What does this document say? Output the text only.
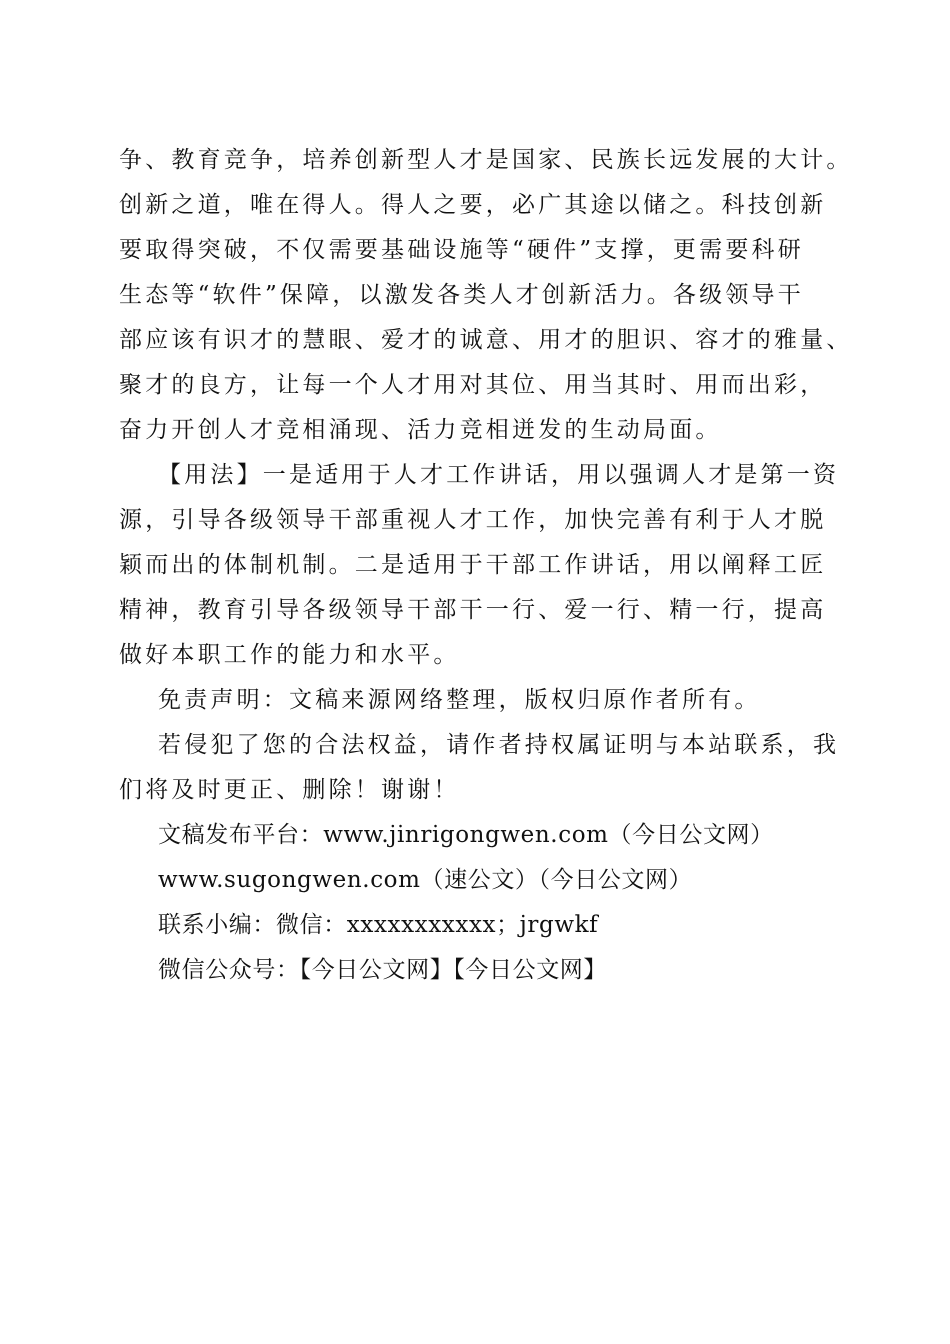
争、教育竞争，培养创新型人才是国家、民族长远发展的大计。
创新之道，唯在得人。得人之要，必广其途以储之。科技创新
要取得突破，不仅需要基础设施等“硬件”支撑，更需要科研
生态等“软件”保障，以激发各类人才创新活力。各级领导干
部应该有识才的慧眼、爱才的诚意、用才的胆识、容才的雅量、
聚才的良方，让每一个人才用对其位、用当其时、用而出彩，
奋力开创人才竞相涌现、活力竞相迸发的生动局面。
【用法】一是适用于人才工作讲话，用以强调人才是第一资
源，引导各级领导干部重视人才工作，加快完善有利于人才脱
颖而出的体制机制。二是适用于干部工作讲话，用以阐释工匠
精神，教育引导各级领导干部干一行、爱一行、精一行，提高
做好本职工作的能力和水平。
免责声明：文稿来源网络整理，版权归原作者所有。
若侵犯了您的合法权益，请作者持权属证明与本站联系，我
们将及时更正、删除！谢谢！
文稿发布平台：www.jinrigongwen.com（今日公文网）
www.sugongwen.com（速公文）（今日公文网）
联系小编：微信：xxxxxxxxxxx；jrgwkf
微信公众号：【今日公文网】【今日公文网】
